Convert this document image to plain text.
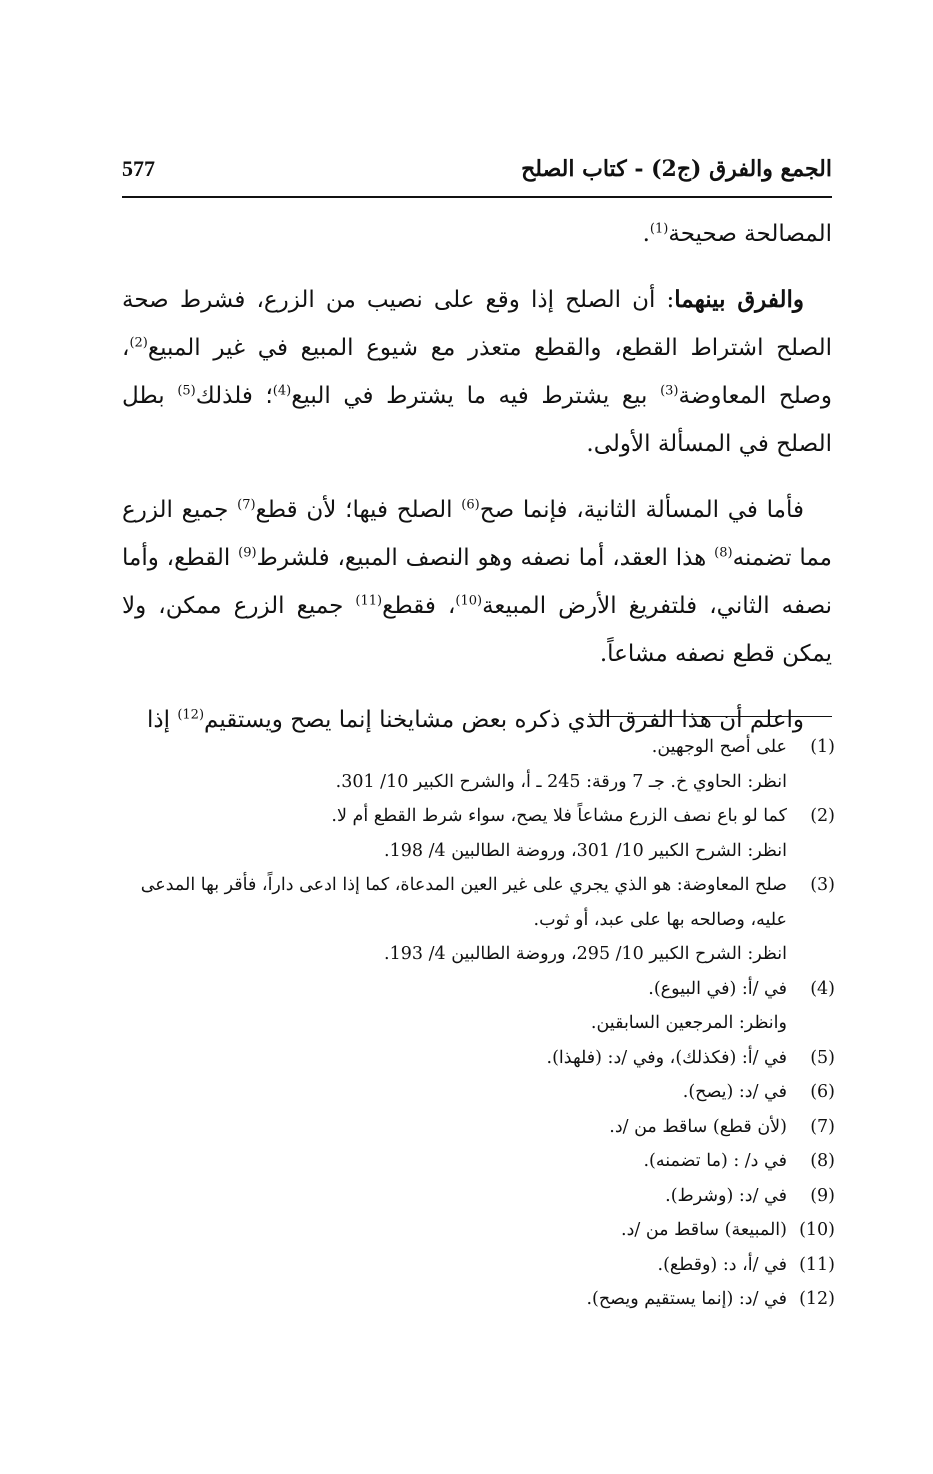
577	الجمع والفرق (ج2) - كتاب الصلح

المصالحة صحيحة$^{(1)}$.

والفرق بينهما: أن الصلح إذا وقع على نصيب من الزرع، فشرط صحة الصلح اشتراط القطع، والقطع متعذر مع شيوع المبيع في غير المبيع$^{(2)}$، وصلح المعاوضة$^{(3)}$ بيع يشترط فيه ما يشترط في البيع$^{(4)}$؛ فلذلك$^{(5)}$ بطل الصلح في المسألة الأولى.

فأما في المسألة الثانية، فإنما صح$^{(6)}$ الصلح فيها؛ لأن قطع$^{(7)}$ جميع الزرع مما تضمنه$^{(8)}$ هذا العقد، أما نصفه وهو النصف المبيع، فلشرط$^{(9)}$ القطع، وأما نصفه الثاني، فلتفريغ الأرض المبيعة$^{(10)}$، فقطع$^{(11)}$ جميع الزرع ممكن، ولا يمكن قطع نصفه مشاعاً.

واعلم أن هذا الفرق الذي ذكره بعض مشايخنا إنما يصح ويستقيم$^{(12)}$ إذا

(1)
على أصح الوجهين.
انظر: الحاوي خ. جـ 7 ورقة: 245 ـ أ، والشرح الكبير 10/ 301.
(2)
كما لو باع نصف الزرع مشاعاً فلا يصح، سواء شرط القطع أم لا.
انظر: الشرح الكبير 10/ 301، وروضة الطالبين 4/ 198.
(3)
صلح المعاوضة: هو الذي يجري على غير العين المدعاة، كما إذا ادعى داراً، فأقر بها المدعى عليه، وصالحه بها على عبد، أو ثوب.
انظر: الشرح الكبير 10/ 295، وروضة الطالبين 4/ 193.
(4)
في /أ: (في البيوع).
وانظر: المرجعين السابقين.
(5)
في /أ: (فكذلك)، وفي /د: (فلهذا).
(6)
في /د: (يصح).
(7)
(لأن قطع) ساقط من /د.
(8)
في د/ : (ما تضمنه).
(9)
في /د: (وشرط).
(10)
(المبيعة) ساقط من /د.
(11)
في /أ، د: (وقطع).
(12)
في /د: (إنما يستقيم ويصح).
